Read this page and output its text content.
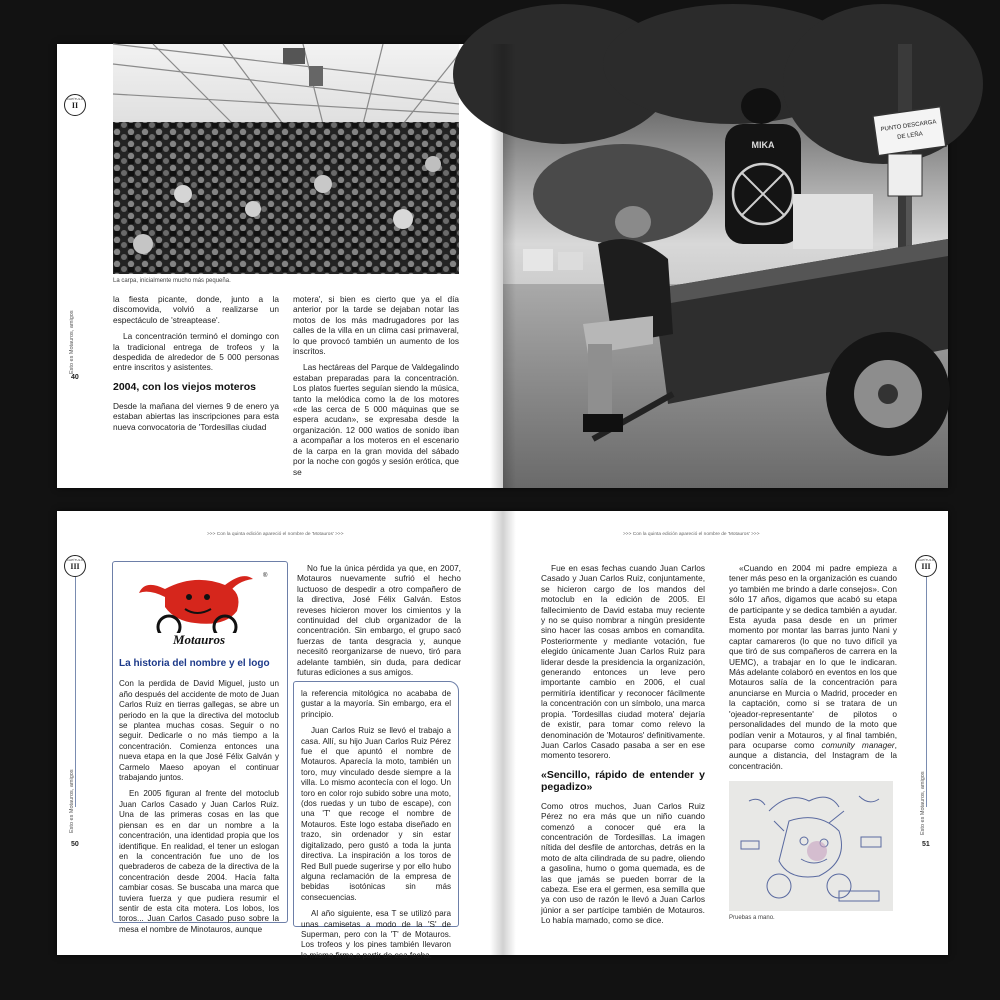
CAPÍTULO
II
Esto es Motauros, amigos
40
La carpa, inicialmente mucho más pequeña.

la fiesta picante, donde, junto a la discomovida, volvió a realizarse un espectáculo de 'streaptease'.

La concentración terminó el domingo con la tradicional entrega de trofeos y la despedida de alrededor de 5 000 personas entre inscritos y asistentes.

2004, con los viejos moteros

Desde la mañana del viernes 9 de enero ya estaban abiertas las inscripciones para esta nueva convocatoria de 'Tordesillas ciudad

motera', si bien es cierto que ya el día anterior por la tarde se dejaban notar las motos de los más madrugadores por las calles de la villa en un clima casi primaveral, lo que provocó también un aumento de los inscritos.

Las hectáreas del Parque de Valdegalindo estaban preparadas para la concentración. Los platos fuertes seguían siendo la música, tanto la melódica como la de los motores «de las cerca de 5 000 máquinas que se espera acudan», se expresaba desde la organización. 12 000 watios de sonido iban a acompañar a los moteros en el escenario de la carpa en la gran movida del sábado por la noche con gogós y sesión erótica, que se

PUNTO DESCARGA
DE LEÑA
MIKA
>>> Con la quinta edición apareció el nombre de 'Motauros' >>>
CAPÍTULO
III
Esto es Motauros, amigos
50
Motauros
®
La historia del nombre y el logo

Con la perdida de David Miguel, justo un año después del accidente de moto de Juan Carlos Ruiz en tierras gallegas, se abre un periodo en la que la directiva del motoclub se plantea muchas cosas. Seguir o no seguir. Dedicarle o no más tiempo a la concentración. Comienza entonces una nueva etapa en la que José Félix Galván y Carmelo Maeso apoyan el continuar trabajando juntos.

En 2005 figuran al frente del motoclub Juan Carlos Casado y Juan Carlos Ruiz. Una de las primeras cosas en las que piensan es en dar un nombre a la concentración, una identidad propia que los identifique. En realidad, el tener un eslogan en la concentración fue uno de los quebraderos de cabeza de la directiva de la concentración desde 2004. Hacía falta cambiar cosas. Se buscaba una marca que tuviera fuerza y que pudiera resumir el sentir de esta cita motera. Los lobos, los toros... Juan Carlos Casado puso sobre la mesa el nombre de Minotauros, aunque

No fue la única pérdida ya que, en 2007, Motauros nuevamente sufrió el hecho luctuoso de despedir a otro compañero de la directiva, José Félix Galván. Estos reveses hicieron mover los cimientos y la continuidad del club organizador de la concentración. Sin embargo, el grupo sacó fuerzas de tanta desgracia y, aunque necesitó reorganizarse de nuevo, tiró para adelante también, sin duda, para dedicar futuras ediciones a sus amigos.

la referencia mitológica no acababa de gustar a la mayoría. Sin embargo, era el principio.

Juan Carlos Ruiz se llevó el trabajo a casa. Allí, su hijo Juan Carlos Ruiz Pérez fue el que apuntó el nombre de Motauros. Aparecía la moto, también un toro, muy vinculado desde siempre a la villa. Lo mismo acontecía con el logo. Un toro en color rojo subido sobre una moto, (dos ruedas y un tubo de escape), con una 'T' que recoge el nombre de Motauros. Este logo estaba diseñado en trazo, sin ordenador y sin estar digitalizado, pero gustó a toda la junta directiva. La inspiración a los toros de Red Bull puede sugerirse y por ello hubo alguna reclamación de la empresa de bebidas isotónicas sin más consecuencias.

Al año siguiente, esa T se utilizó para unas camisetas a modo de la 'S' de Superman, pero con la 'T' de Motauros. Los trofeos y los pines también llevaron la misma firma a partir de esa fecha.

>>> Con la quinta edición apareció el nombre de 'Motauros' >>>
CAPÍTULO
III
Esto es Motauros, amigos
51

Fue en esas fechas cuando Juan Carlos Casado y Juan Carlos Ruiz, conjuntamente, se hicieron cargo de los mandos del motoclub en la edición de 2005. El fallecimiento de David estaba muy reciente y no se quiso nombrar a ningún presidente sino hacer las cosas ambos en comandita. Posteriormente y mediante votación, fue elegido únicamente Juan Carlos Ruiz para liderar desde la presidencia la organización, generando entonces un leve pero importante cambio en 2006, el cual permitiría identificar y reconocer fácilmente la concentración con un símbolo, una marca propia. 'Tordesillas ciudad motera' dejaría de existir, para tomar como relevo la denominación de 'Motauros' definitivamente. Juan Carlos Casado pasaba a ser en ese momento tesorero.

«Sencillo, rápido de entender y pegadizo»

Como otros muchos, Juan Carlos Ruiz Pérez no era más que un niño cuando comenzó a conocer qué era la concentración de Tordesillas. La imagen nítida del desfile de antorchas, detrás en la moto de alta cilindrada de su padre, oliendo a gasolina, humo o goma quemada, es de las que jamás se pueden borrar de la cabeza. Ese era el germen, esa semilla que ya con uso de razón le llevó a Juan Carlos júnior a ser partícipe también de Motauros. Lo había mamado, como se dice.

«Cuando en 2004 mi padre empieza a tener más peso en la organización es cuando yo también me brindo a darle consejos». Con sólo 17 años, digamos que acabó su etapa de participante y se dedica también a ayudar. Esta ayuda pasa desde en un primer momento por montar las barras junto Nani y captar camareros (lo que no tuvo difícil ya que tiró de sus compañeros de carrera en la UEMC), a trabajar en lo que le indicaran. Más adelante colaboró en eventos en los que Motauros salía de la concentración para anunciarse en Murcia o Madrid, proceder en la captación, como si se tratara de un 'ojeador-representante' de pilotos o personalidades del mundo de la moto que podían venir a Motauros, y al final también, para ocuparse como comunity manager, aunque a distancia, del Instagram de la concentración.

Pruebas a mano.
